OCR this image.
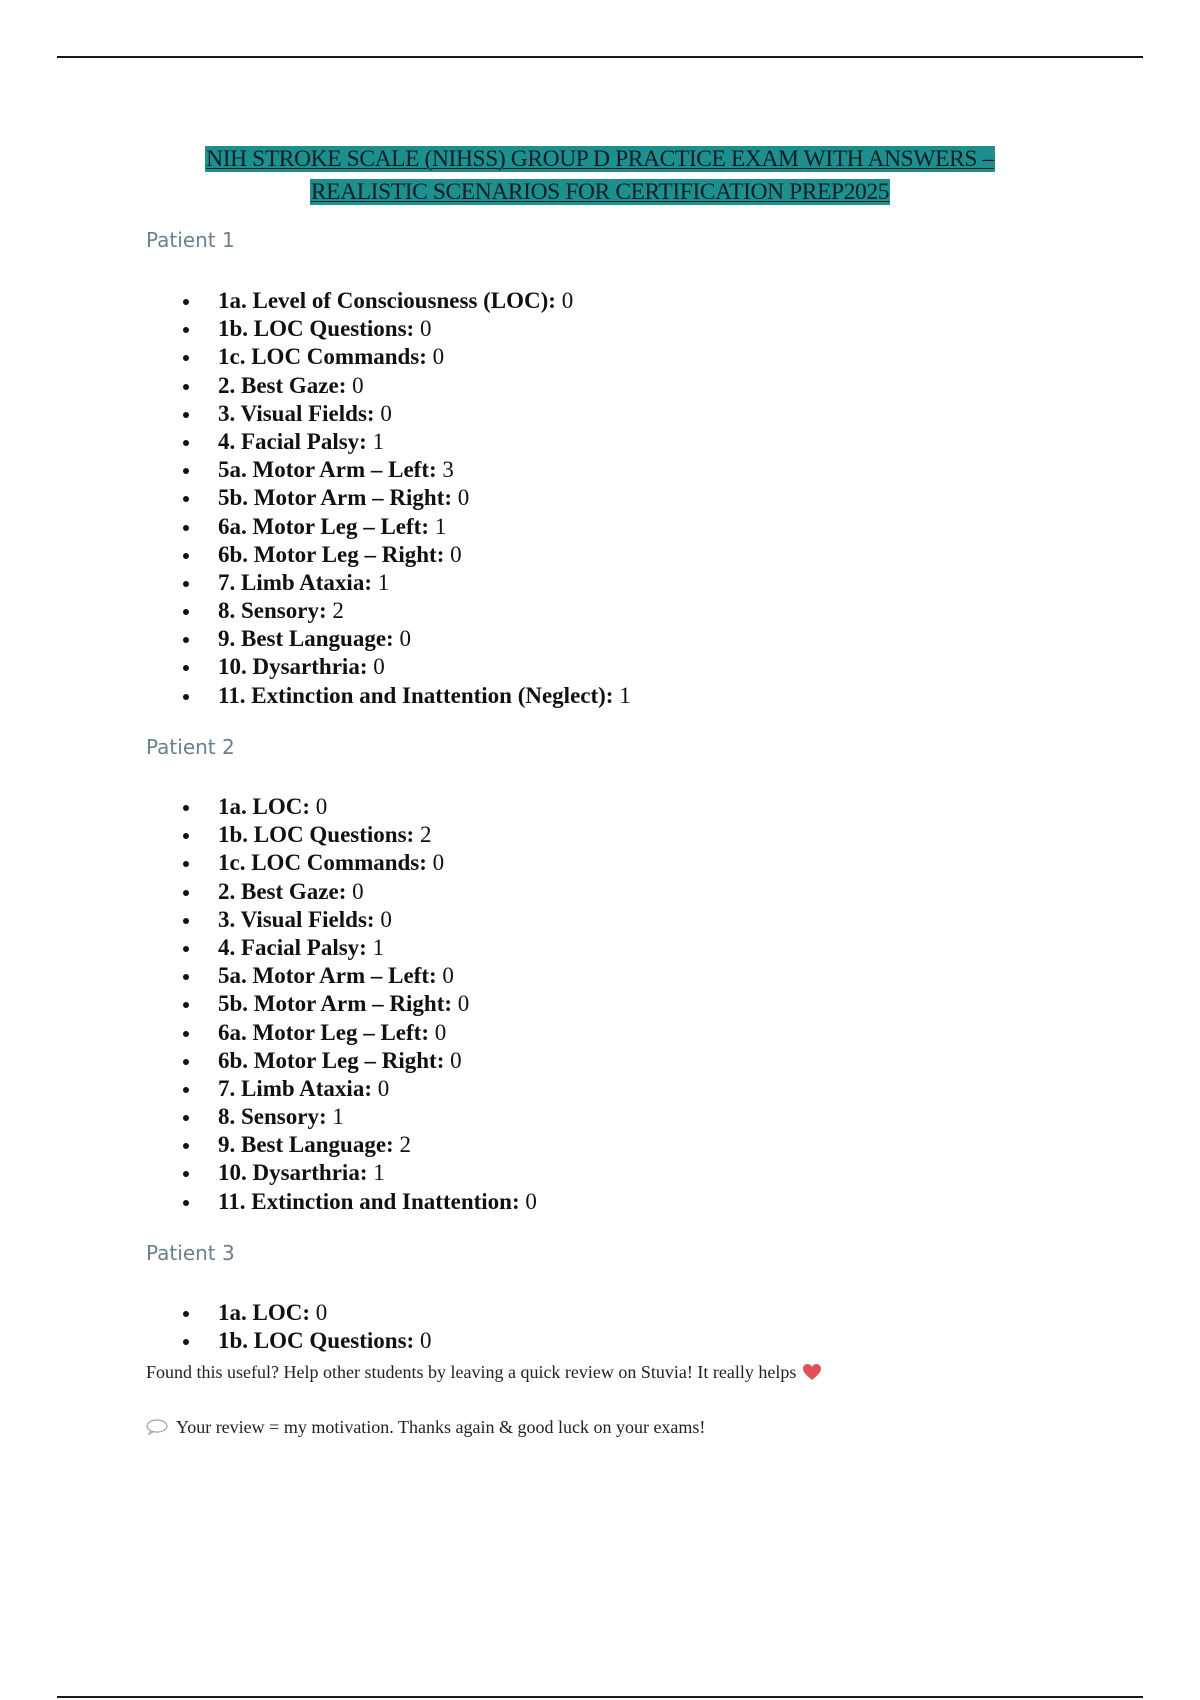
NIH STROKE SCALE (NIHSS) GROUP D PRACTICE EXAM WITH ANSWERS –
REALISTIC SCENARIOS FOR CERTIFICATION PREP2025
Patient 1
1a. Level of Consciousness (LOC): 0
1b. LOC Questions: 0
1c. LOC Commands: 0
2. Best Gaze: 0
3. Visual Fields: 0
4. Facial Palsy: 1
5a. Motor Arm – Left: 3
5b. Motor Arm – Right: 0
6a. Motor Leg – Left: 1
6b. Motor Leg – Right: 0
7. Limb Ataxia: 1
8. Sensory: 2
9. Best Language: 0
10. Dysarthria: 0
11. Extinction and Inattention (Neglect): 1
Patient 2
1a. LOC: 0
1b. LOC Questions: 2
1c. LOC Commands: 0
2. Best Gaze: 0
3. Visual Fields: 0
4. Facial Palsy: 1
5a. Motor Arm – Left: 0
5b. Motor Arm – Right: 0
6a. Motor Leg – Left: 0
6b. Motor Leg – Right: 0
7. Limb Ataxia: 0
8. Sensory: 1
9. Best Language: 2
10. Dysarthria: 1
11. Extinction and Inattention: 0
Patient 3
1a. LOC: 0
1b. LOC Questions: 0
Found this useful? Help other students by leaving a quick review on Stuvia! It really helps
Your review = my motivation. Thanks again & good luck on your exams!
